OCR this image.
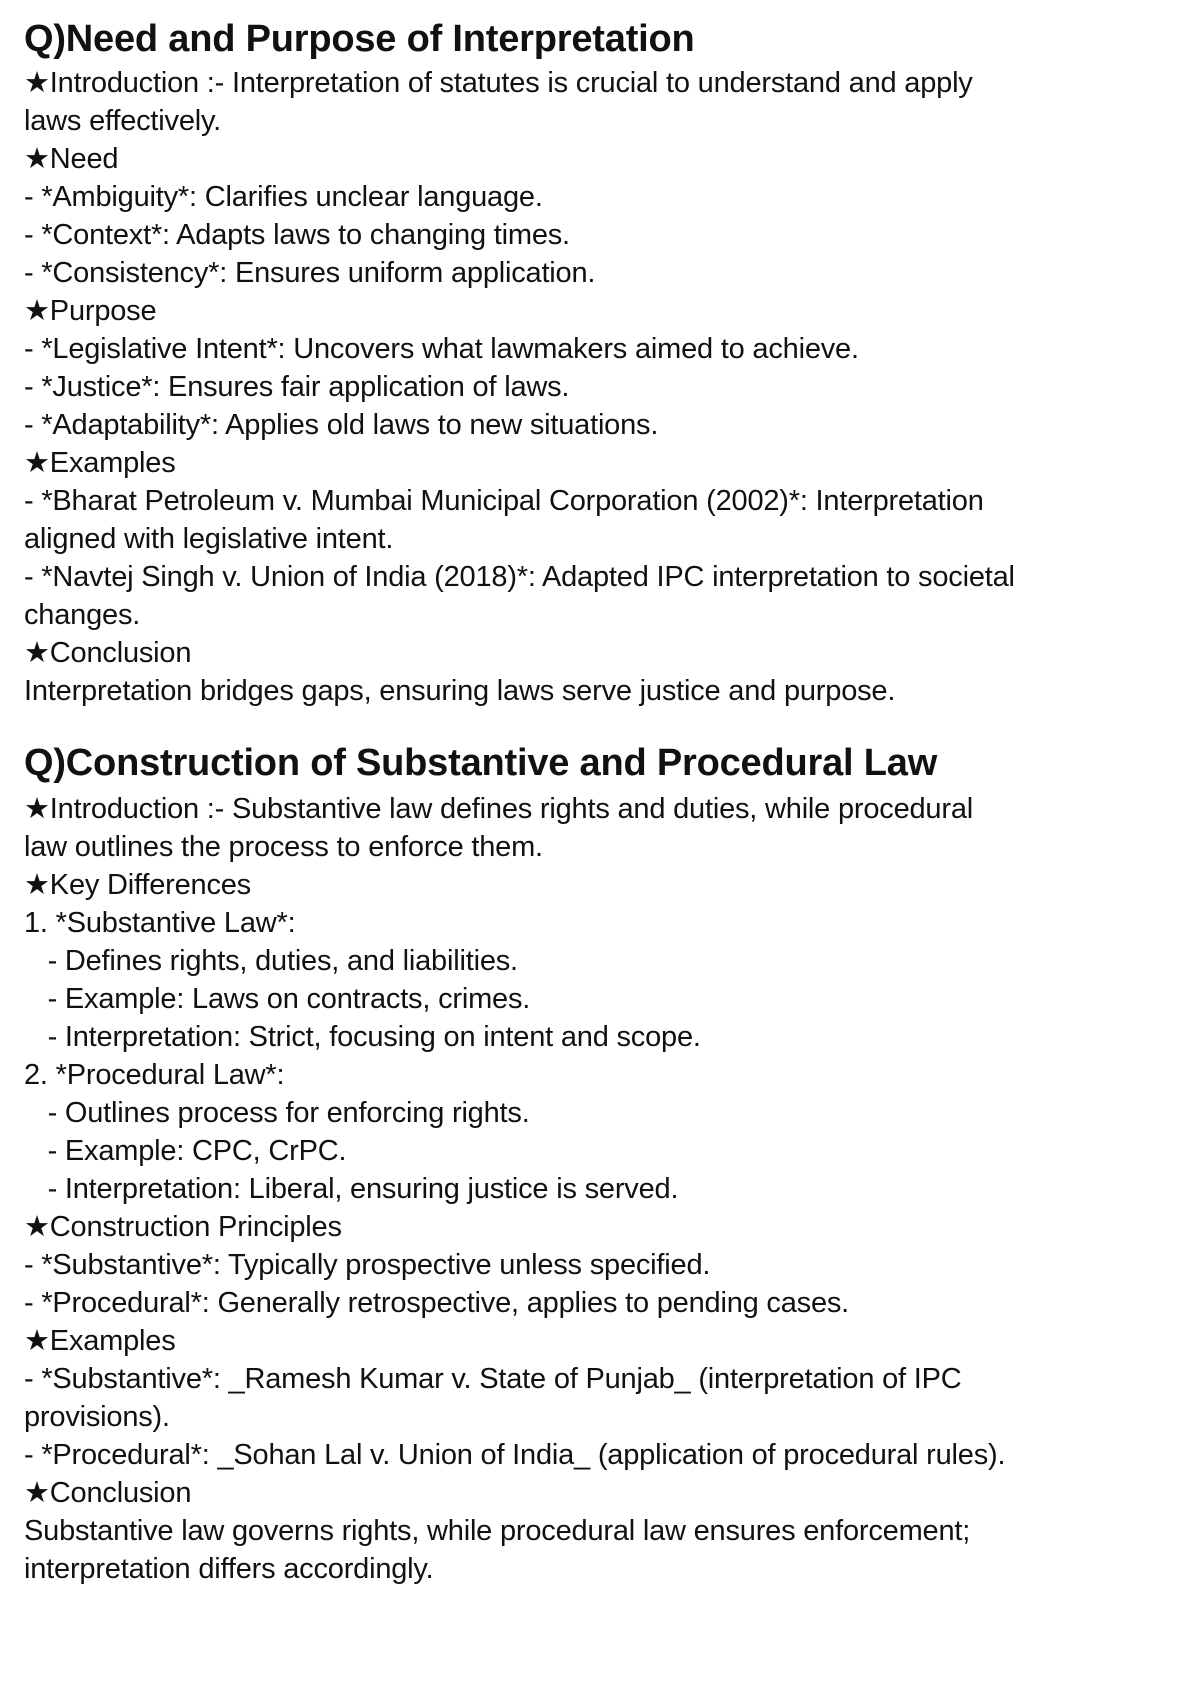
Q)Need and Purpose of Interpretation

★Introduction :- Interpretation of statutes is crucial to understand and apply

laws effectively.

★Need

- *Ambiguity*: Clarifies unclear language.

- *Context*: Adapts laws to changing times.

- *Consistency*: Ensures uniform application.

★Purpose

- *Legislative Intent*: Uncovers what lawmakers aimed to achieve.

- *Justice*: Ensures fair application of laws.

- *Adaptability*: Applies old laws to new situations.

★Examples

- *Bharat Petroleum v. Mumbai Municipal Corporation (2002)*: Interpretation

aligned with legislative intent.

- *Navtej Singh v. Union of India (2018)*: Adapted IPC interpretation to societal

changes.

★Conclusion

Interpretation bridges gaps, ensuring laws serve justice and purpose.

Q)Construction of Substantive and Procedural Law

★Introduction :- Substantive law defines rights and duties, while procedural

law outlines the process to enforce them.

★Key Differences

1. *Substantive Law*:

- Defines rights, duties, and liabilities.

- Example: Laws on contracts, crimes.

- Interpretation: Strict, focusing on intent and scope.

2. *Procedural Law*:

- Outlines process for enforcing rights.

- Example: CPC, CrPC.

- Interpretation: Liberal, ensuring justice is served.

★Construction Principles

- *Substantive*: Typically prospective unless specified.

- *Procedural*: Generally retrospective, applies to pending cases.

★Examples

- *Substantive*: _Ramesh Kumar v. State of Punjab_ (interpretation of IPC

provisions).

- *Procedural*: _Sohan Lal v. Union of India_ (application of procedural rules).

★Conclusion

Substantive law governs rights, while procedural law ensures enforcement;

interpretation differs accordingly.
